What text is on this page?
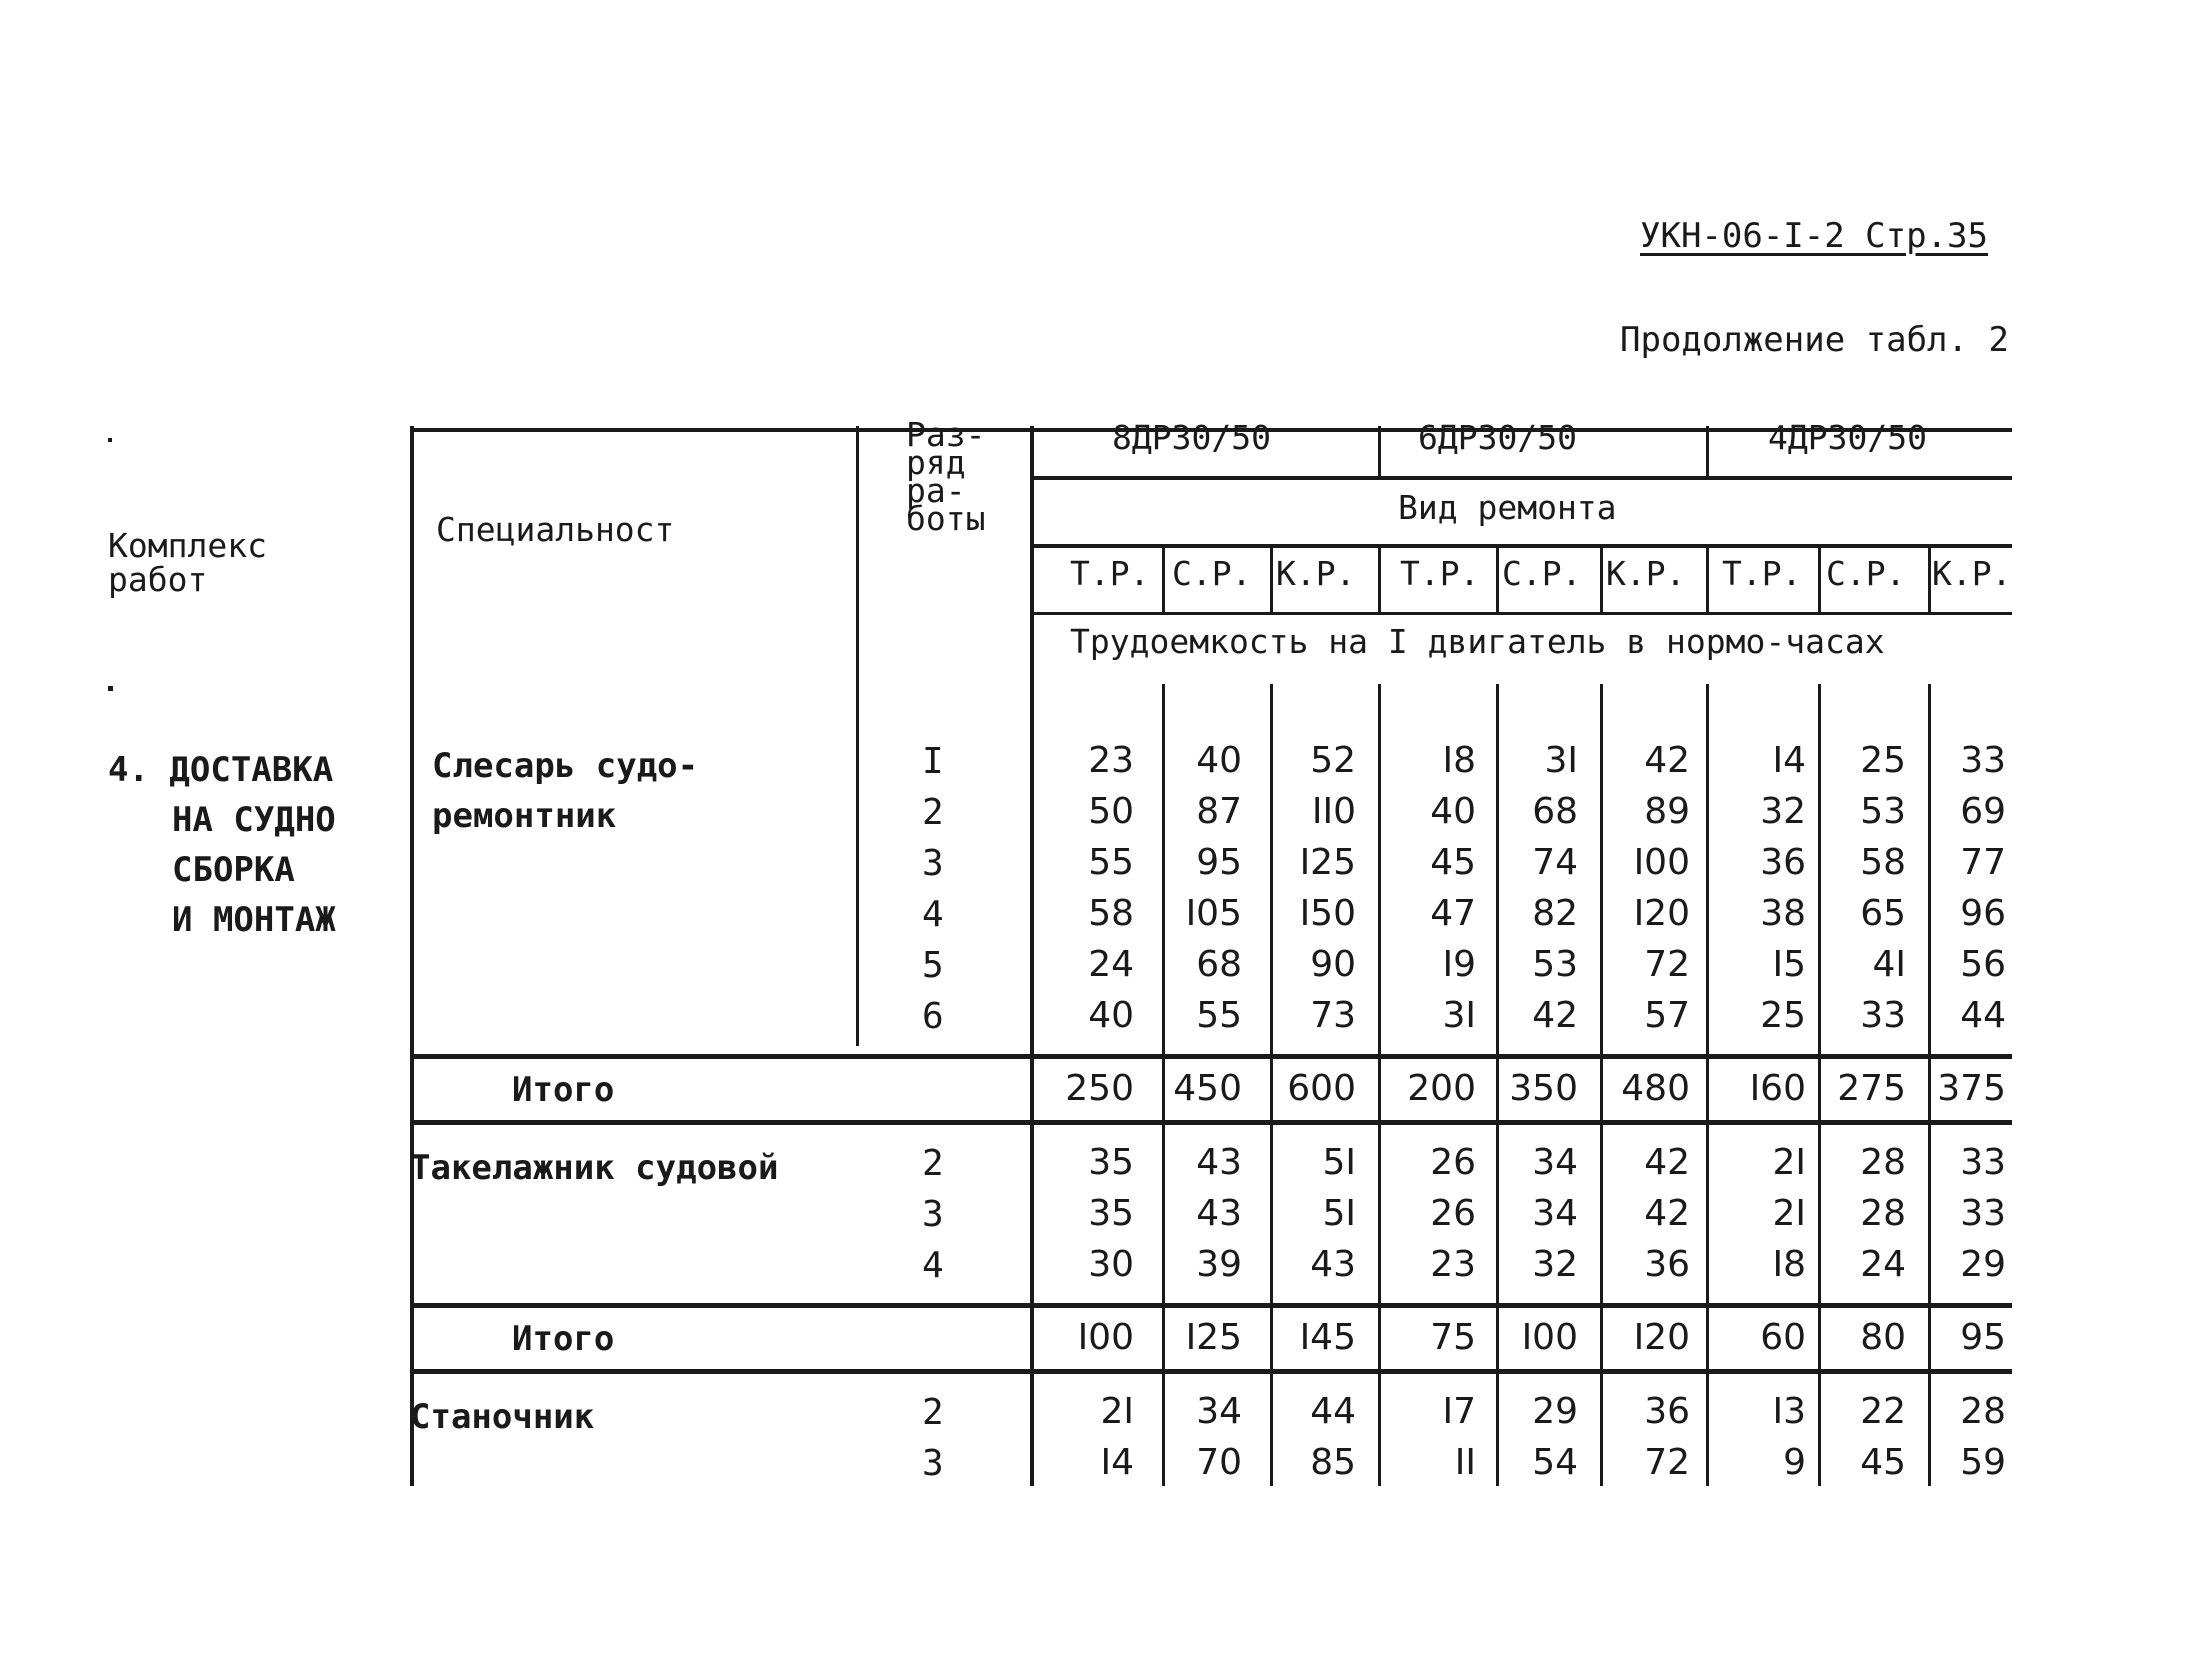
УКН-06-I-2 Стр.35
Продолжение табл. 2
Комплекс
работ
Специальност
Раз-
ряд
ра-
боты
8ДР30/50	6ДР30/50	4ДР30/50
Вид ремонта
Т.Р. С.Р. К.Р. Т.Р. С.Р. К.Р. Т.Р. С.Р. К.Р.
Трудоемкость на I двигатель в нормо-часах
4. ДОСТАВКА
НА СУДНО
СБОРКА
И МОНТАЖ
Слесарь судо-
ремонтник
I	23	40	52	I8	3I	42	I4	25	33
2	50	87	II0	40	68	89	32	53	69
3	55	95	I25	45	74	I00	36	58	77
4	58	I05	I50	47	82	I20	38	65	96
5	24	68	90	I9	53	72	I5	4I	56
6	40	55	73	3I	42	57	25	33	44
Итого	250 450 600 200 350 480	I60 275 375
Такелажник судовой	2	35	43	5I	26	34	42	2I	28	33
3	35	43	5I	26	34	42	2I	28	33
4	30	39	43	23	32	36	I8	24	29
Итого	I00	I25	I45	75	I00	I20	60	80	95
Станочник	2	2I	34	44	I7	29	36	I3	22	28
3	I4	70	85	II	54	72	9	45	59
